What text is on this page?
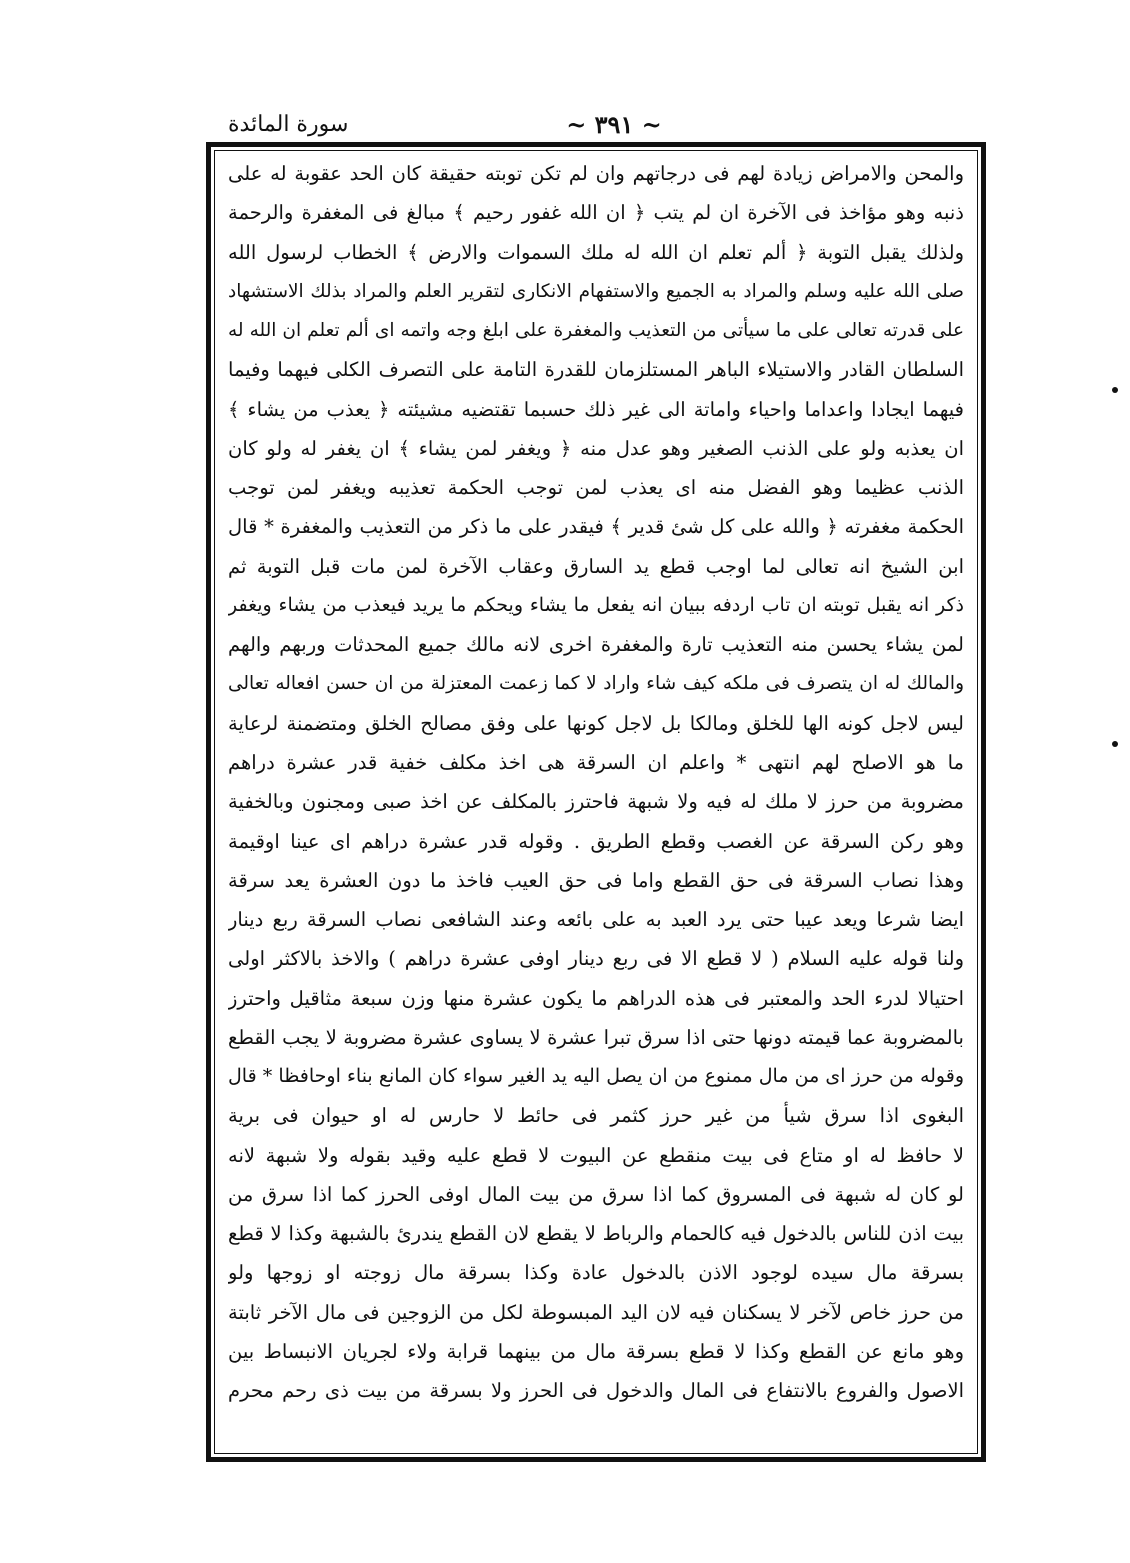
سورة المائدة	~ ٣٩١ ~
والمحن والامراض زيادة لهم فى درجاتهم وان لم تكن توبته حقيقة كان الحد عقوبة له على
ذنبه وهو مؤاخذ فى الآخرة ان لم يتب ﴿ ان الله غفور رحيم ﴾ مبالغ فى المغفرة والرحمة
ولذلك يقبل التوبة ﴿ ألم تعلم ان الله له ملك السموات والارض ﴾ الخطاب لرسول الله
صلى الله عليه وسلم والمراد به الجميع والاستفهام الانكارى لتقرير العلم والمراد بذلك الاستشهاد
على قدرته تعالى على ما سيأتى من التعذيب والمغفرة على ابلغ وجه واتمه اى ألم تعلم ان الله له
السلطان القادر والاستيلاء الباهر المستلزمان للقدرة التامة على التصرف الكلى فيهما وفيما
فيهما ايجادا واعداما واحياء واماتة الى غير ذلك حسبما تقتضيه مشيئته ﴿ يعذب من يشاء ﴾
ان يعذبه ولو على الذنب الصغير وهو عدل منه ﴿ ويغفر لمن يشاء ﴾ ان يغفر له ولو كان
الذنب عظيما وهو الفضل منه اى يعذب لمن توجب الحكمة تعذيبه ويغفر لمن توجب
الحكمة مغفرته ﴿ والله على كل شئ قدير ﴾ فيقدر على ما ذكر من التعذيب والمغفرة * قال
ابن الشيخ انه تعالى لما اوجب قطع يد السارق وعقاب الآخرة لمن مات قبل التوبة ثم
ذكر انه يقبل توبته ان تاب اردفه ببيان انه يفعل ما يشاء ويحكم ما يريد فيعذب من يشاء ويغفر
لمن يشاء يحسن منه التعذيب تارة والمغفرة اخرى لانه مالك جميع المحدثات وربهم والهم
والمالك له ان يتصرف فى ملكه كيف شاء واراد لا كما زعمت المعتزلة من ان حسن افعاله تعالى
ليس لاجل كونه الها للخلق ومالكا بل لاجل كونها على وفق مصالح الخلق ومتضمنة لرعاية
ما هو الاصلح لهم انتهى * واعلم ان السرقة هى اخذ مكلف خفية قدر عشرة دراهم
مضروبة من حرز لا ملك له فيه ولا شبهة فاحترز بالمكلف عن اخذ صبى ومجنون وبالخفية
وهو ركن السرقة عن الغصب وقطع الطريق . وقوله قدر عشرة دراهم اى عينا اوقيمة
وهذا نصاب السرقة فى حق القطع واما فى حق العيب فاخذ ما دون العشرة يعد سرقة
ايضا شرعا ويعد عيبا حتى يرد العبد به على بائعه وعند الشافعى نصاب السرقة ربع دينار
ولنا قوله عليه السلام ( لا قطع الا فى ربع دينار اوفى عشرة دراهم ) والاخذ بالاكثر اولى
احتيالا لدرء الحد والمعتبر فى هذه الدراهم ما يكون عشرة منها وزن سبعة مثاقيل واحترز
بالمضروبة عما قيمته دونها حتى اذا سرق تبرا عشرة لا يساوى عشرة مضروبة لا يجب القطع
وقوله من حرز اى من مال ممنوع من ان يصل اليه يد الغير سواء كان المانع بناء اوحافظا * قال
البغوى اذا سرق شيأ من غير حرز كثمر فى حائط لا حارس له او حيوان فى برية
لا حافظ له او متاع فى بيت منقطع عن البيوت لا قطع عليه وقيد بقوله ولا شبهة لانه
لو كان له شبهة فى المسروق كما اذا سرق من بيت المال اوفى الحرز كما اذا سرق من
بيت اذن للناس بالدخول فيه كالحمام والرباط لا يقطع لان القطع يندرئ بالشبهة وكذا لا قطع
بسرقة مال سيده لوجود الاذن بالدخول عادة وكذا بسرقة مال زوجته او زوجها ولو
من حرز خاص لآخر لا يسكنان فيه لان اليد المبسوطة لكل من الزوجين فى مال الآخر ثابتة
وهو مانع عن القطع وكذا لا قطع بسرقة مال من بينهما قرابة ولاء لجريان الانبساط بين
الاصول والفروع بالانتفاع فى المال والدخول فى الحرز ولا بسرقة من بيت ذى رحم محرم
